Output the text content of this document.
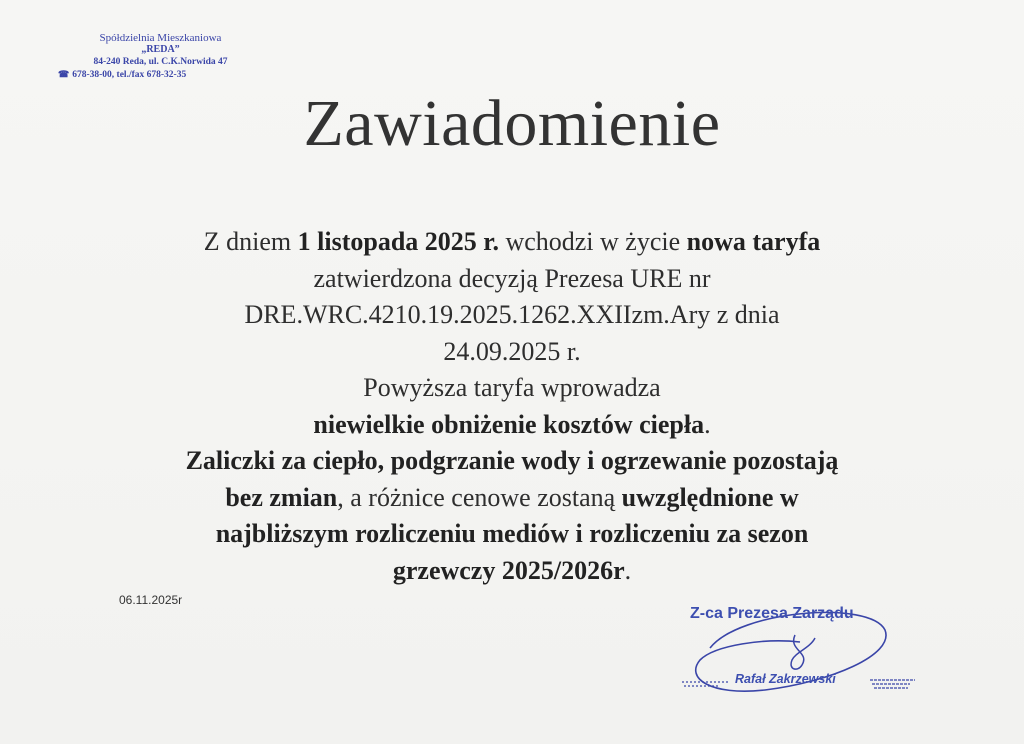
Spółdzielnia Mieszkaniowa
„REDA”
84-240 Reda, ul. C.K.Norwida 47
☎ 678-38-00, tel./fax 678-32-35
Zawiadomienie

Z dniem 1 listopada 2025 r. wchodzi w życie nowa taryfa

zatwierdzona decyzją Prezesa URE nr

DRE.WRC.4210.19.2025.1262.XXIIzm.Ary z dnia

24.09.2025 r.

Powyższa taryfa wprowadza

niewielkie obniżenie kosztów ciepła.

Zaliczki za ciepło, podgrzanie wody i ogrzewanie pozostają

bez zmian, a różnice cenowe zostaną uwzględnione w

najbliższym rozliczeniu mediów i rozliczeniu za sezon

grzewczy 2025/2026r.

06.11.2025r
Z-ca Prezesa Zarządu
Rafał Zakrzewski
